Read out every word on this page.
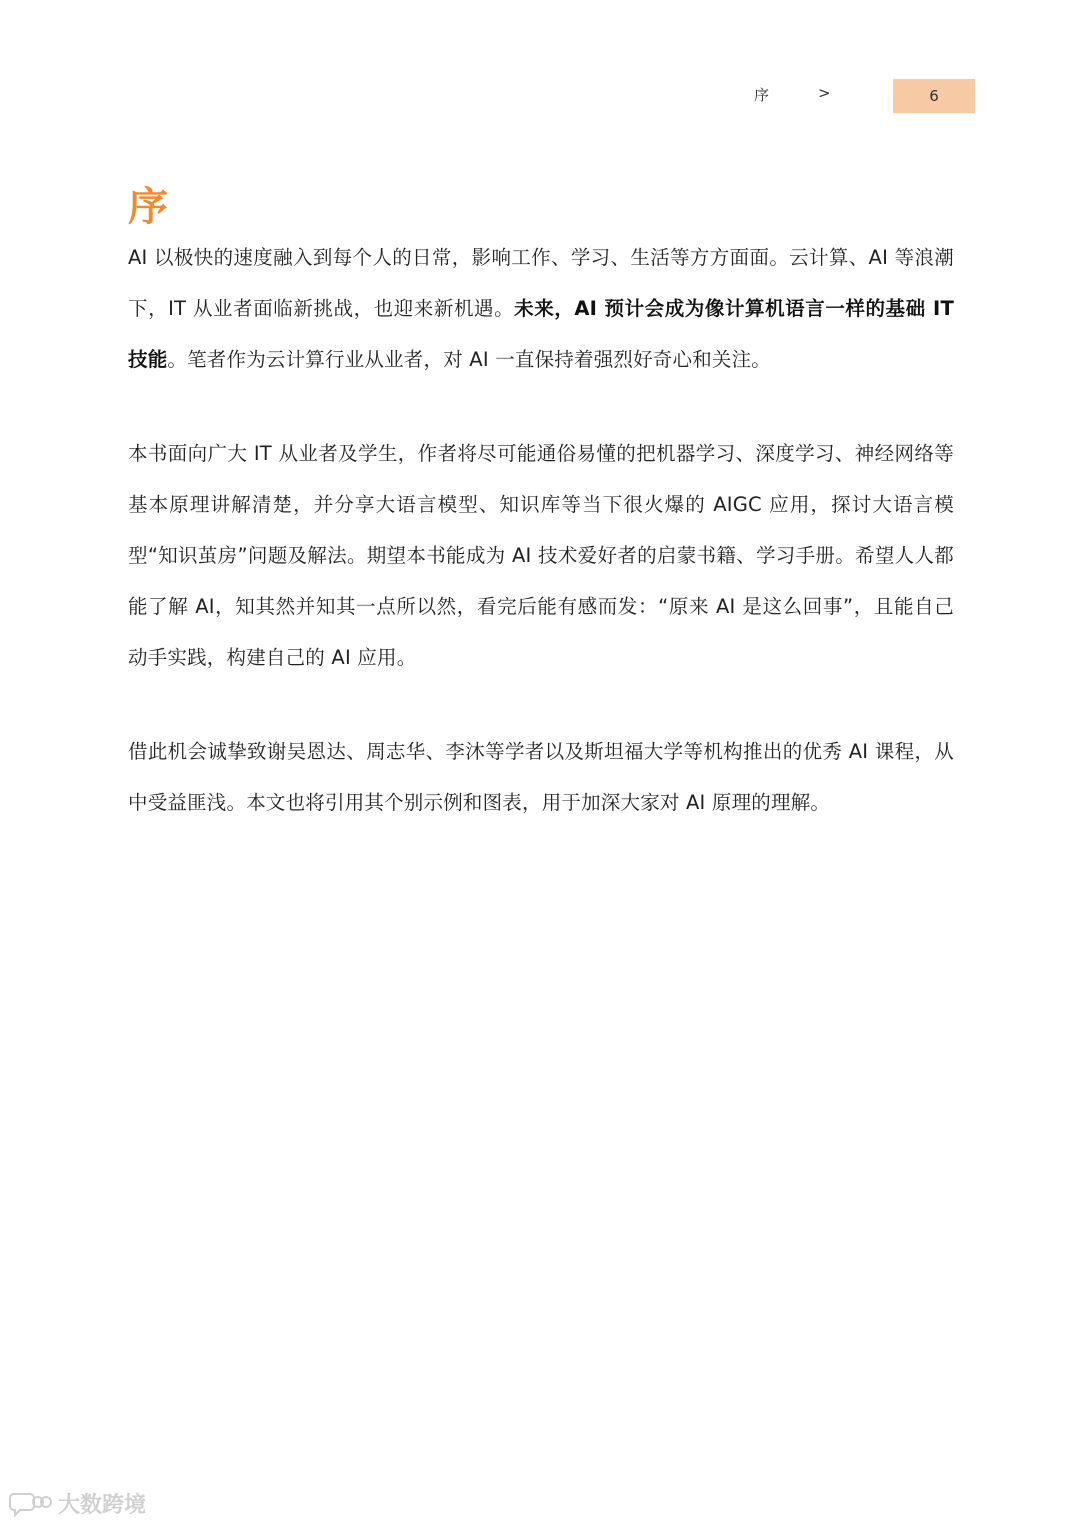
序	>	6
序

AI 以极快的速度融入到每个人的日常，影响工作、学习、生活等方方面面。云计算、AI 等浪潮下，IT 从业者面临新挑战，也迎来新机遇。未来，AI 预计会成为像计算机语言一样的基础 IT 技能。笔者作为云计算行业从业者，对 AI 一直保持着强烈好奇心和关注。

本书面向广大 IT 从业者及学生，作者将尽可能通俗易懂的把机器学习、深度学习、神经网络等基本原理讲解清楚，并分享大语言模型、知识库等当下很火爆的 AIGC 应用，探讨大语言模型“知识茧房”问题及解法。期望本书能成为 AI 技术爱好者的启蒙书籍、学习手册。希望人人都能了解 AI，知其然并知其一点所以然，看完后能有感而发：“原来 AI 是这么回事”，且能自己动手实践，构建自己的 AI 应用。

借此机会诚挚致谢吴恩达、周志华、李沐等学者以及斯坦福大学等机构推出的优秀 AI 课程，从中受益匪浅。本文也将引用其个别示例和图表，用于加深大家对 AI 原理的理解。

大数跨境
